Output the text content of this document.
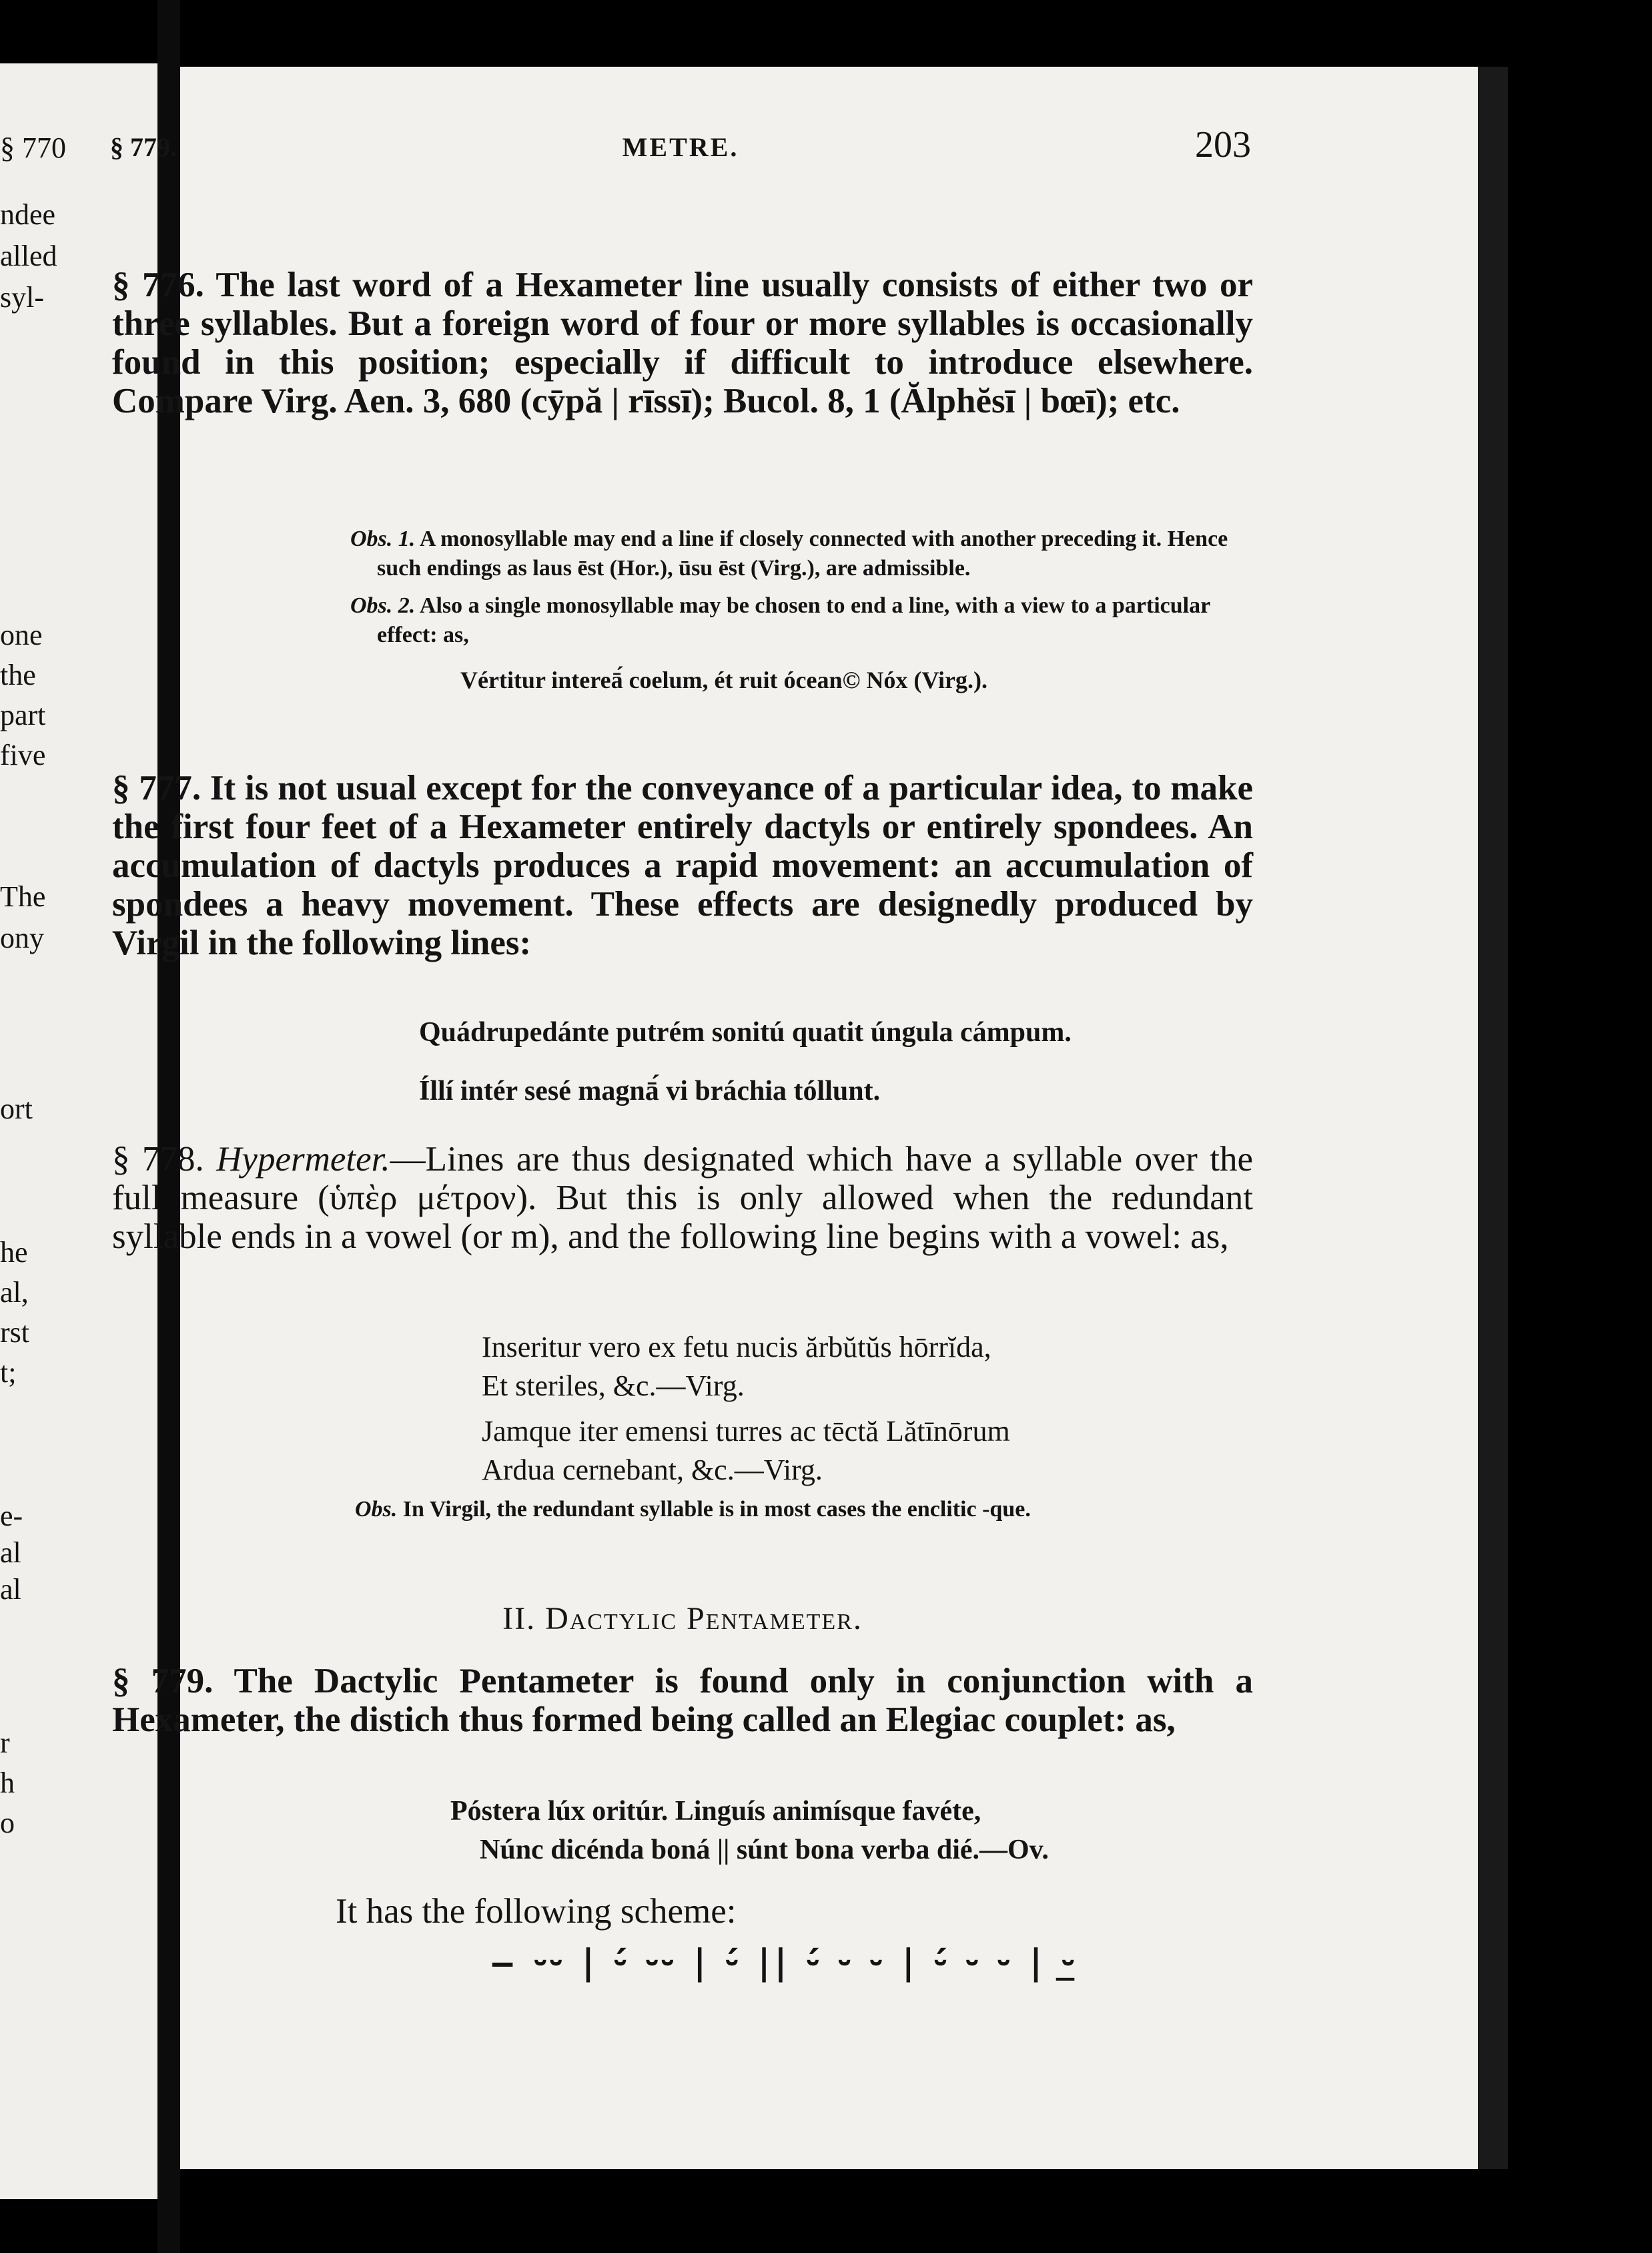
§ 770
ndee
alled
syl-
one
the
part
five
The
ony
ort
he
al,
rst
t;
e-
al
al
r
h
o
§ 779.	METRE.	203

§ 776. The last word of a Hexameter line usually consists of either two or three syllables. But a foreign word of four or more syllables is occasionally found in this position; especially if difficult to introduce elsewhere. Compare Virg. Aen. 3, 680 (cȳpă | rīssī); Bucol. 8, 1 (Ălphĕsī | bœī); etc.

Obs. 1. A monosyllable may end a line if closely connected with another preceding it. Hence such endings as laus ēst (Hor.), ūsu ēst (Virg.), are admissible.

Obs. 2. Also a single monosyllable may be chosen to end a line, with a view to a particular effect: as,

Vértitur intereā́ coelum, ét ruit ócean© Nóx (Virg.).

§ 777. It is not usual except for the conveyance of a particular idea, to make the first four feet of a Hexameter entirely dactyls or entirely spondees. An accumulation of dactyls produces a rapid movement: an accumulation of spondees a heavy movement. These effects are designedly produced by Virgil in the following lines:

Quádrupedánte putrém sonitú quatit úngula cámpum.

Íllí intér sesé magnā́ vi bráchia tóllunt.

§ 778. Hypermeter.—Lines are thus designated which have a syllable over the full measure (ὑπὲρ μέτρον). But this is only allowed when the redundant syllable ends in a vowel (or m), and the following line begins with a vowel: as,

Inseritur vero ex fetu nucis ărbŭtŭs hōrrĭda,

Et steriles, &c.—Virg.

Jamque iter emensi turres ac tēctă Lătīnōrum

Ardua cernebant, &c.—Virg.

Obs. In Virgil, the redundant syllable is in most cases the enclitic -que.

II. Dactylic Pentameter.

§ 779. The Dactylic Pentameter is found only in conjunction with a Hexameter, the distich thus formed being called an Elegiac couplet: as,

Póstera lúx oritúr. Linguís animísque favéte,

Núnc dicénda boná || súnt bona verba dié.—Ov.

It has the following scheme:

‒ ⏑⏑ | ⏑́ ⏑⏑ | ⏑́ || ⏑́ ⏑ ⏑ | ⏑́ ⏑ ⏑ | ⏑̲
